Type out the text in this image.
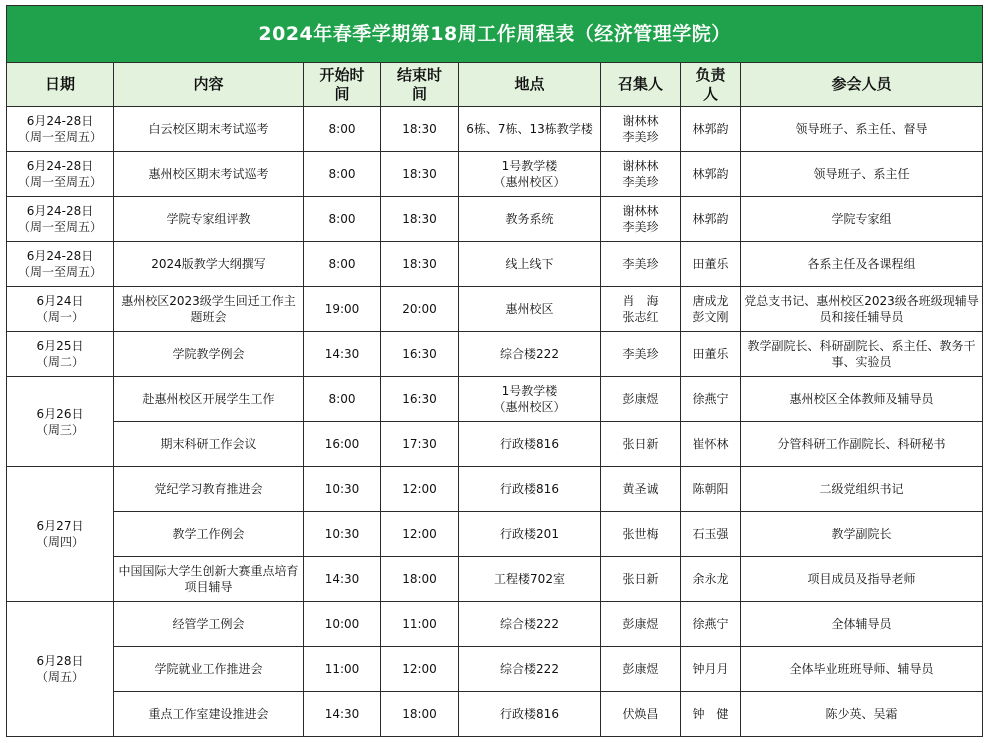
2024年春季学期第18周工作周程表（经济管理学院）							
日期	内容	开始时
间	结束时
间	地点	召集人	负责
人	参会人员

6月24-28日
（周一至周五）	白云校区期末考试巡考	8:00	18:30	6栋、7栋、13栋教学楼	谢林林
李美珍	林郭韵	领导班子、系主任、督导

6月24-28日
（周一至周五）	惠州校区期末考试巡考	8:00	18:30	1号教学楼
（惠州校区）	谢林林
李美珍	林郭韵	领导班子、系主任

6月24-28日
（周一至周五）	学院专家组评教	8:00	18:30	教务系统	谢林林
李美珍	林郭韵	学院专家组

6月24-28日
（周一至周五）	2024版教学大纲撰写	8:00	18:30	线上线下	李美珍	田董乐	各系主任及各课程组

6月24日
（周一）	惠州校区2023级学生回迁工作主题班会	19:00	20:00	惠州校区	肖　海
张志红	唐成龙
彭文刚	党总支书记、惠州校区2023级各班级现辅导员和接任辅导员

6月25日
（周二）	学院教学例会	14:30	16:30	综合楼222	李美珍	田董乐	教学副院长、科研副院长、系主任、教务干事、实验员

6月26日
（周三）	赴惠州校区开展学生工作	8:00	16:30	1号教学楼
（惠州校区）	彭康煜	徐燕宁	惠州校区全体教师及辅导员
	期末科研工作会议	16:00	17:30	行政楼816	张日新	崔怀林	分管科研工作副院长、科研秘书

6月27日
（周四）	党纪学习教育推进会	10:30	12:00	行政楼816	黄圣诚	陈朝阳	二级党组织书记
	教学工作例会	10:30	12:00	行政楼201	张世梅	石玉强	教学副院长
	中国国际大学生创新大赛重点培育项目辅导	14:30	18:00	工程楼702室	张日新	余永龙	项目成员及指导老师

6月28日
（周五）	经管学工例会	10:00	11:00	综合楼222	彭康煜	徐燕宁	全体辅导员
	学院就业工作推进会	11:00	12:00	综合楼222	彭康煜	钟月月	全体毕业班班导师、辅导员
	重点工作室建设推进会	14:30	18:00	行政楼816	伏焕昌	钟　健	陈少英、吴霜
